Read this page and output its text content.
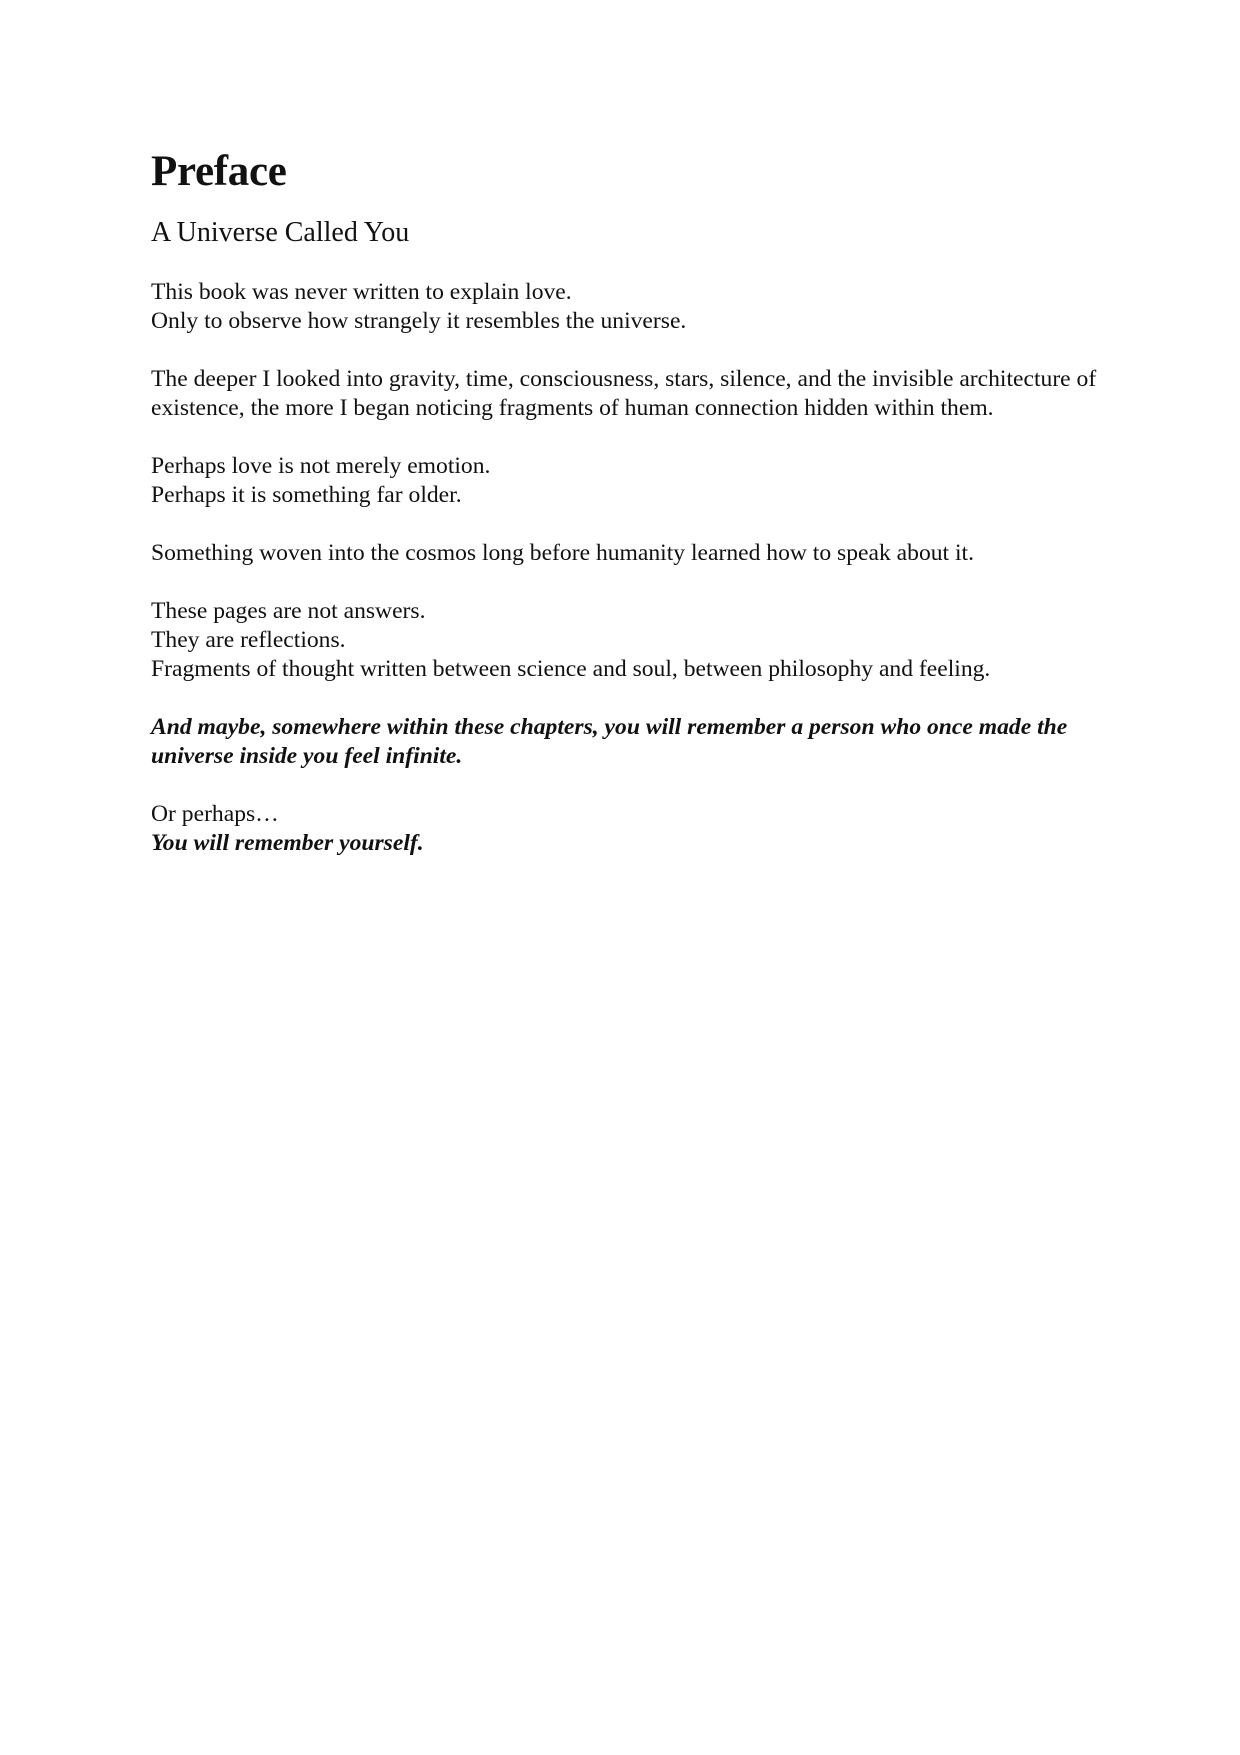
Preface
A Universe Called You

This book was never written to explain love.
Only to observe how strangely it resembles the universe.

The deeper I looked into gravity, time, consciousness, stars, silence, and the invisible architecture of existence, the more I began noticing fragments of human connection hidden within them.

Perhaps love is not merely emotion.
Perhaps it is something far older.

Something woven into the cosmos long before humanity learned how to speak about it.

These pages are not answers.
They are reflections.
Fragments of thought written between science and soul, between philosophy and feeling.

And maybe, somewhere within these chapters, you will remember a person who once made the universe inside you feel infinite.

Or perhaps…
You will remember yourself.
